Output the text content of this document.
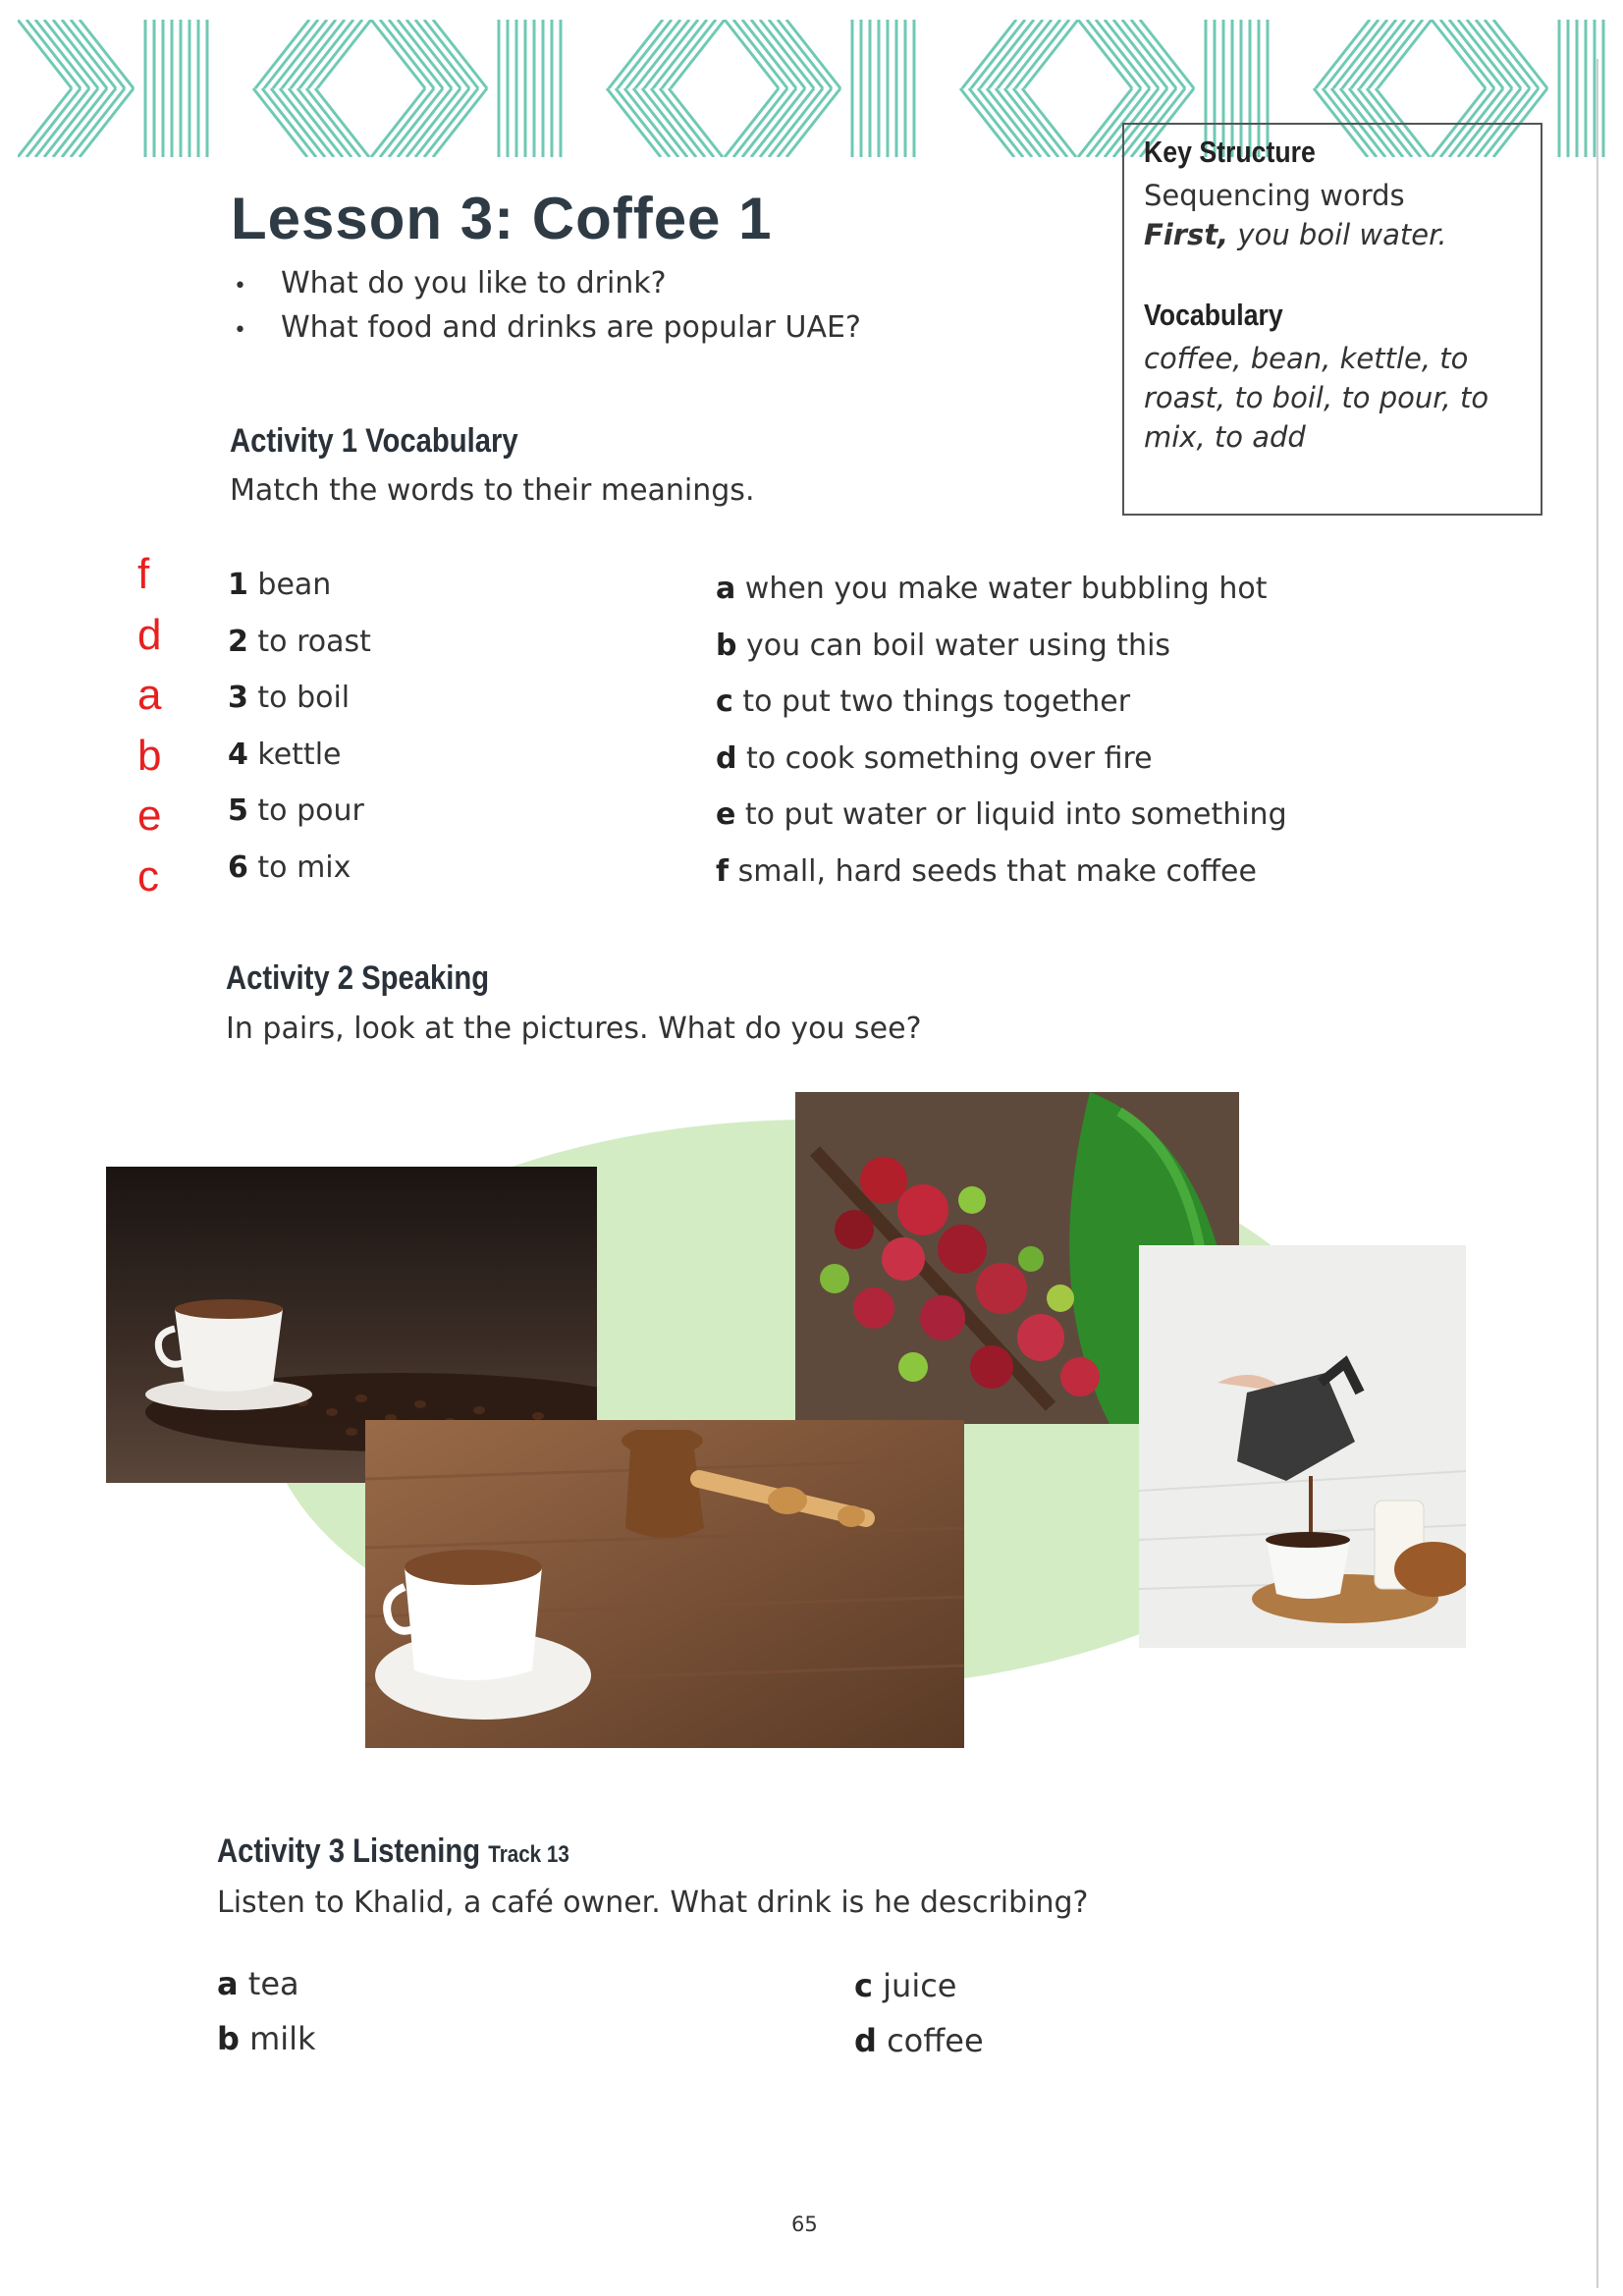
Lesson 3: Coffee 1
• What do you like to drink?
• What food and drinks are popular UAE?
Key Structure
Sequencing words
First, you boil water.
Vocabulary
coffee, bean, kettle, to
roast, to boil, to pour, to
mix, to add
Activity 1 Vocabulary
Match the words to their meanings.
f
d
a
b
e
c
1 bean
2 to roast
3 to boil
4 kettle
5 to pour
6 to mix
a when you make water bubbling hot
b you can boil water using this
c to put two things together
d to cook something over fire
e to put water or liquid into something
f small, hard seeds that make coffee
Activity 2 Speaking
In pairs, look at the pictures. What do you see?
Activity 3 Listening Track 13
Listen to Khalid, a café owner. What drink is he describing?
a tea
b milk
c juice
d coffee
65
